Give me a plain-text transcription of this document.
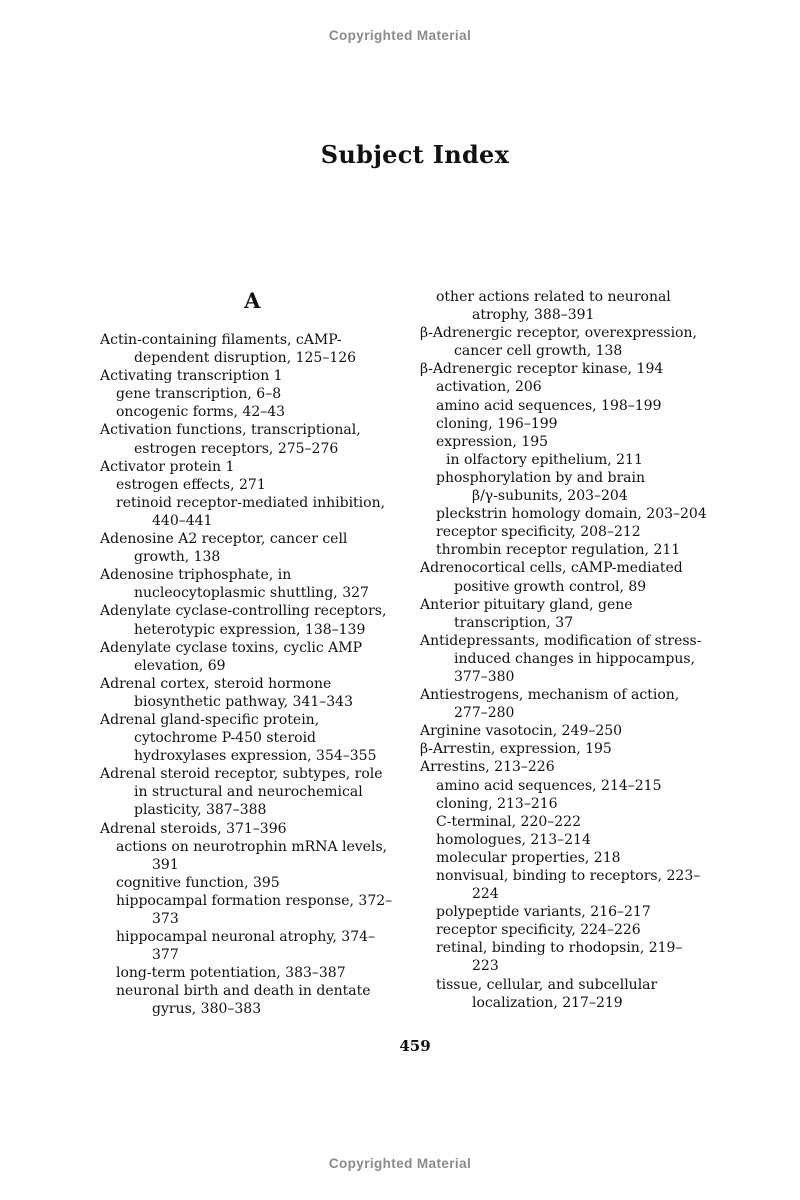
Copyrighted Material
Subject Index
A
Actin-containing filaments, cAMP-
dependent disruption, 125–126
Activating transcription 1
gene transcription, 6–8
oncogenic forms, 42–43
Activation functions, transcriptional,
estrogen receptors, 275–276
Activator protein 1
estrogen effects, 271
retinoid receptor-mediated inhibition,
440–441
Adenosine A2 receptor, cancer cell
growth, 138
Adenosine triphosphate, in
nucleocytoplasmic shuttling, 327
Adenylate cyclase-controlling receptors,
heterotypic expression, 138–139
Adenylate cyclase toxins, cyclic AMP
elevation, 69
Adrenal cortex, steroid hormone
biosynthetic pathway, 341–343
Adrenal gland-specific protein,
cytochrome P-450 steroid
hydroxylases expression, 354–355
Adrenal steroid receptor, subtypes, role
in structural and neurochemical
plasticity, 387–388
Adrenal steroids, 371–396
actions on neurotrophin mRNA levels,
391
cognitive function, 395
hippocampal formation response, 372–
373
hippocampal neuronal atrophy, 374–
377
long-term potentiation, 383–387
neuronal birth and death in dentate
gyrus, 380–383
other actions related to neuronal
atrophy, 388–391
β-Adrenergic receptor, overexpression,
cancer cell growth, 138
β-Adrenergic receptor kinase, 194
activation, 206
amino acid sequences, 198–199
cloning, 196–199
expression, 195
in olfactory epithelium, 211
phosphorylation by and brain
β/γ-subunits, 203–204
pleckstrin homology domain, 203–204
receptor specificity, 208–212
thrombin receptor regulation, 211
Adrenocortical cells, cAMP-mediated
positive growth control, 89
Anterior pituitary gland, gene
transcription, 37
Antidepressants, modification of stress-
induced changes in hippocampus,
377–380
Antiestrogens, mechanism of action,
277–280
Arginine vasotocin, 249–250
β-Arrestin, expression, 195
Arrestins, 213–226
amino acid sequences, 214–215
cloning, 213–216
C-terminal, 220–222
homologues, 213–214
molecular properties, 218
nonvisual, binding to receptors, 223–
224
polypeptide variants, 216–217
receptor specificity, 224–226
retinal, binding to rhodopsin, 219–
223
tissue, cellular, and subcellular
localization, 217–219
459
Copyrighted Material
